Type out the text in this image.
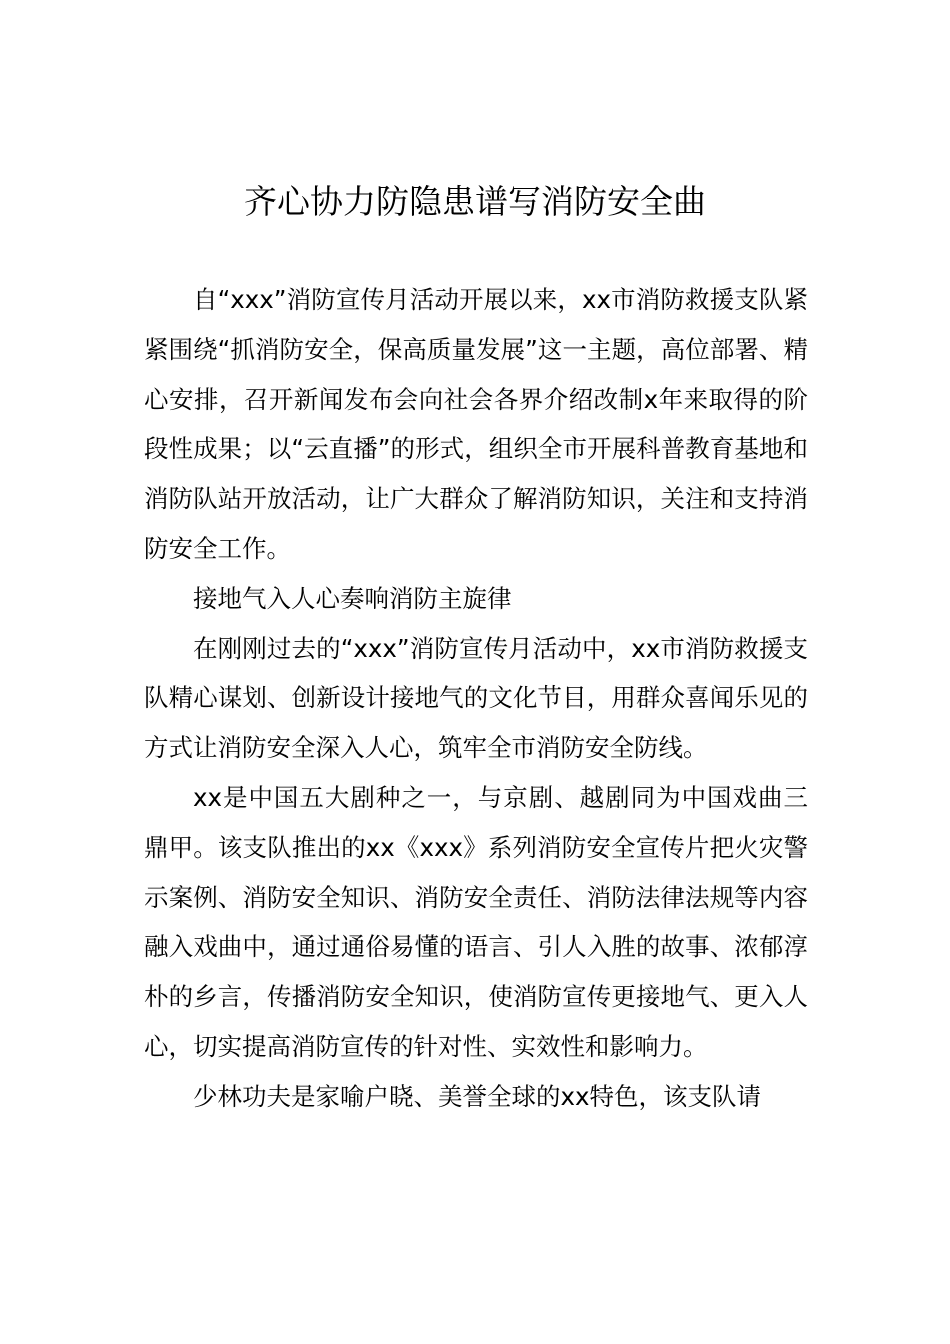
齐心协力防隐患谱写消防安全曲

自“xxx”消防宣传月活动开展以来，xx市消防救援支队紧紧围绕“抓消防安全，保高质量发展”这一主题，高位部署、精心安排，召开新闻发布会向社会各界介绍改制x年来取得的阶段性成果；以“云直播”的形式，组织全市开展科普教育基地和消防队站开放活动，让广大群众了解消防知识，关注和支持消防安全工作。

接地气入人心奏响消防主旋律

在刚刚过去的“xxx”消防宣传月活动中，xx市消防救援支队精心谋划、创新设计接地气的文化节目，用群众喜闻乐见的方式让消防安全深入人心，筑牢全市消防安全防线。

xx是中国五大剧种之一，与京剧、越剧同为中国戏曲三鼎甲。该支队推出的xx《xxx》系列消防安全宣传片把火灾警示案例、消防安全知识、消防安全责任、消防法律法规等内容融入戏曲中，通过通俗易懂的语言、引人入胜的故事、浓郁淳朴的乡言，传播消防安全知识，使消防宣传更接地气、更入人心，切实提高消防宣传的针对性、实效性和影响力。

少林功夫是家喻户晓、美誉全球的xx特色，该支队请
